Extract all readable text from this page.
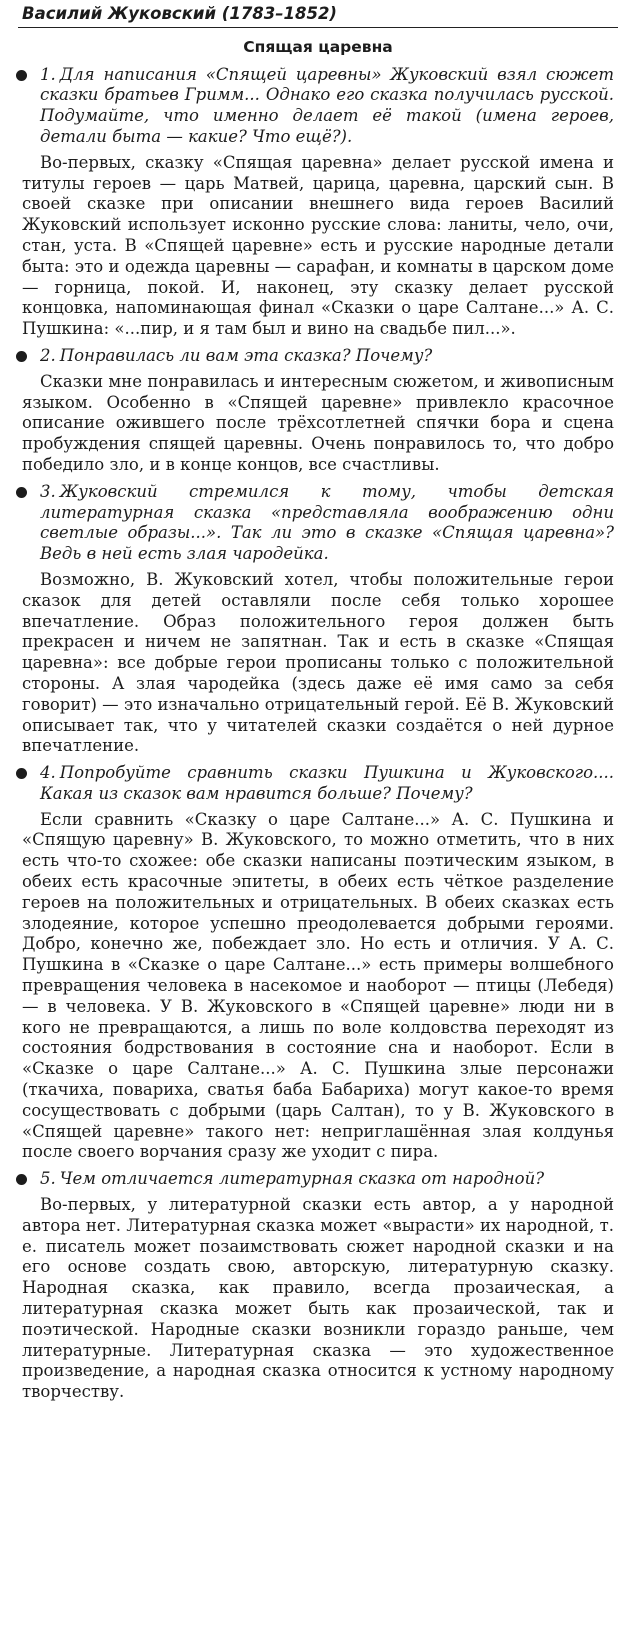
Василий Жуковский (1783–1852)
Спящая царевна
1. Для написания «Спящей царевны» Жуковский взял сюжет сказки братьев Гримм... Однако его сказка получилась русской. Подумайте, что именно делает её такой (имена героев, детали быта — какие? Что ещё?).
Во-первых, сказку «Спящая царевна» делает русской имена и титулы героев — царь Матвей, царица, царевна, царский сын. В своей сказке при описании внешнего вида героев Василий Жуковский использует исконно русские слова: ланиты, чело, очи, стан, уста. В «Спящей царевне» есть и русские народные детали быта: это и одежда царевны — сарафан, и комнаты в царском доме — горница, покой. И, наконец, эту сказку делает русской концовка, напоминающая финал «Сказки о царе Салтане...» А. С. Пушкина: «...пир, и я там был и вино на свадьбе пил...».
2. Понравилась ли вам эта сказка? Почему?
Сказки мне понравилась и интересным сюжетом, и живописным языком. Особенно в «Спящей царевне» привлекло красочное описание ожившего после трёхсотлетней спячки бора и сцена пробуждения спящей царевны. Очень понравилось то, что добро победило зло, и в конце концов, все счастливы.
3. Жуковский стремился к тому, чтобы детская литературная сказка «представляла воображению одни светлые образы...». Так ли это в сказке «Спящая царевна»? Ведь в ней есть злая чародейка.
Возможно, В. Жуковский хотел, чтобы положительные герои сказок для детей оставляли после себя только хорошее впечатление. Образ положительного героя должен быть прекрасен и ничем не запятнан. Так и есть в сказке «Спящая царевна»: все добрые герои прописаны только с положительной стороны. А злая чародейка (здесь даже её имя само за себя говорит) — это изначально отрицательный герой. Её В. Жуковский описывает так, что у читателей сказки создаётся о ней дурное впечатление.
4. Попробуйте сравнить сказки Пушкина и Жуковского.... Какая из сказок вам нравится больше? Почему?
Если сравнить «Сказку о царе Салтане...» А. С. Пушкина и «Спящую царевну» В. Жуковского, то можно отметить, что в них есть что-то схожее: обе сказки написаны поэтическим языком, в обеих есть красочные эпитеты, в обеих есть чёткое разделение героев на положительных и отрицательных. В обеих сказках есть злодеяние, которое успешно преодолевается добрыми героями. Добро, конечно же, побеждает зло. Но есть и отличия. У А. С. Пушкина в «Сказке о царе Салтане...» есть примеры волшебного превращения человека в насекомое и наоборот — птицы (Лебедя) — в человека. У В. Жуковского в «Спящей царевне» люди ни в кого не превращаются, а лишь по воле колдовства переходят из состояния бодрствования в состояние сна и наоборот. Если в «Сказке о царе Салтане...» А. С. Пушкина злые персонажи (ткачиха, повариха, сватья баба Бабариха) могут какое-то время сосуществовать с добрыми (царь Салтан), то у В. Жуковского в «Спящей царевне» такого нет: неприглашённая злая колдунья после своего ворчания сразу же уходит с пира.
5. Чем отличается литературная сказка от народной?
Во-первых, у литературной сказки есть автор, а у народной автора нет. Литературная сказка может «вырасти» их народной, т. е. писатель может позаимствовать сюжет народной сказки и на его основе создать свою, авторскую, литературную сказку. Народная сказка, как правило, всегда прозаическая, а литературная сказка может быть как прозаической, так и поэтической. Народные сказки возникли гораздо раньше, чем литературные. Литературная сказка — это художественное произведение, а народная сказка относится к устному народному творчеству.
